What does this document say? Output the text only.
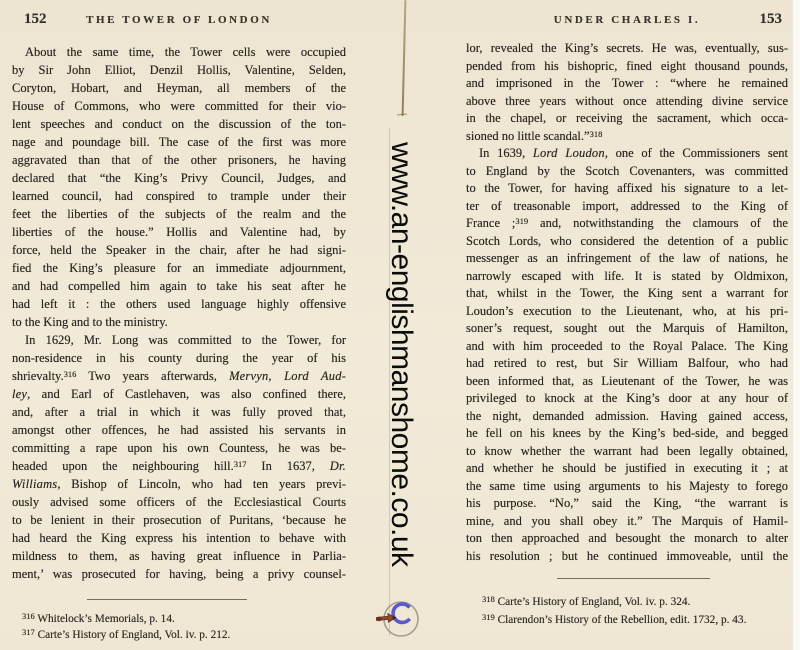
152	THE TOWER OF LONDON
About the same time, the Tower cells were occupied
by Sir John Elliot, Denzil Hollis, Valentine, Selden,
Coryton, Hobart, and Heyman, all members of the
House of Commons, who were committed for their vio-
lent speeches and conduct on the discussion of the ton-
nage and poundage bill. The case of the first was more
aggravated than that of the other prisoners, he having
declared that “the King’s Privy Council, Judges, and
learned council, had conspired to trample under their
feet the liberties of the subjects of the realm and the
liberties of the house.” Hollis and Valentine had, by
force, held the Speaker in the chair, after he had signi-
fied the King’s pleasure for an immediate adjournment,
and had compelled him again to take his seat after he
had left it : the others used language highly offensive
to the King and to the ministry.
In 1629, Mr. Long was committed to the Tower, for
non-residence in his county during the year of his
shrievalty.$^{316}$ Two years afterwards, Mervyn, Lord Aud-
ley, and Earl of Castlehaven, was also confined there,
and, after a trial in which it was fully proved that,
amongst other offences, he had assisted his servants in
committing a rape upon his own Countess, he was be-
headed upon the neighbouring hill.$^{317}$ In 1637, Dr.
Williams, Bishop of Lincoln, who had ten years previ-
ously advised some officers of the Ecclesiastical Courts
to be lenient in their prosecution of Puritans, ‘because he
had heard the King express his intention to behave with
mildness to them, as having great influence in Parlia-
ment,’ was prosecuted for having, being a privy counsel-
$^{316}$ Whitelock’s Memorials, p. 14.
$^{317}$ Carte’s History of England, Vol. iv. p. 212.
UNDER CHARLES I.	153
lor, revealed the King’s secrets. He was, eventually, sus-
pended from his bishopric, fined eight thousand pounds,
and imprisoned in the Tower : “where he remained
above three years without once attending divine service
in the chapel, or receiving the sacrament, which occa-
sioned no little scandal.”$^{318}$
In 1639, Lord Loudon, one of the Commissioners sent
to England by the Scotch Covenanters, was committed
to the Tower, for having affixed his signature to a let-
ter of treasonable import, addressed to the King of
France ;$^{319}$ and, notwithstanding the clamours of the
Scotch Lords, who considered the detention of a public
messenger as an infringement of the law of nations, he
narrowly escaped with life. It is stated by Oldmixon,
that, whilst in the Tower, the King sent a warrant for
Loudon’s execution to the Lieutenant, who, at his pri-
soner’s request, sought out the Marquis of Hamilton,
and with him proceeded to the Royal Palace. The King
had retired to rest, but Sir William Balfour, who had
been informed that, as Lieutenant of the Tower, he was
privileged to knock at the King’s door at any hour of
the night, demanded admission. Having gained access,
he fell on his knees by the King’s bed-side, and begged
to know whether the warrant had been legally obtained,
and whether he should be justified in executing it ; at
the same time using arguments to his Majesty to forego
his purpose. “No,” said the King, “the warrant is
mine, and you shall obey it.” The Marquis of Hamil-
ton then approached and besought the monarch to alter
his resolution ; but he continued immoveable, until the
$^{318}$ Carte’s History of England, Vol. iv. p. 324.
$^{319}$ Clarendon’s History of the Rebellion, edit. 1732, p. 43.
www.an-englishmanshome.co.uk
